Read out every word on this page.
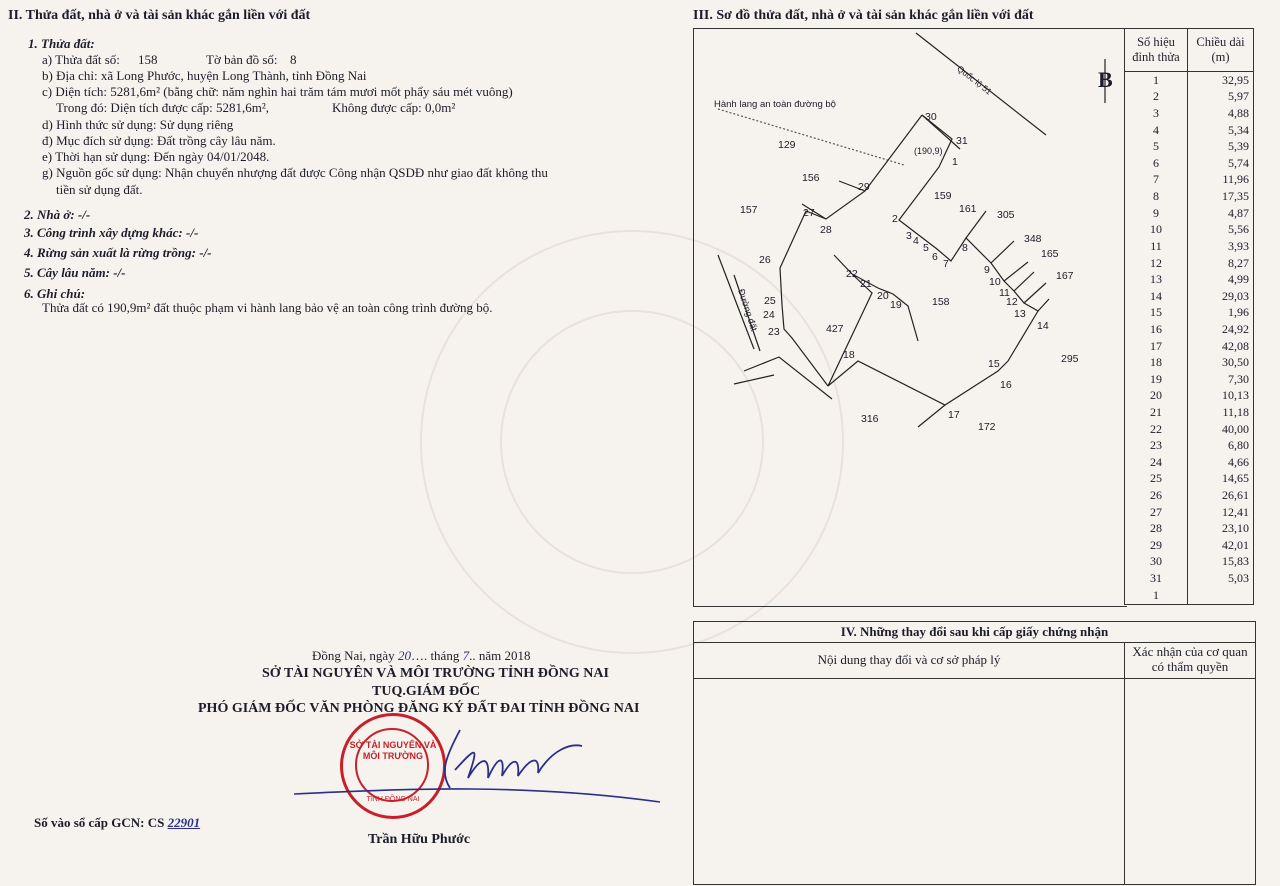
II. Thửa đất, nhà ở và tài sản khác gắn liền với đất
1. Thửa đất:
a) Thửa đất số: 158	Tờ bản đồ số: 8
b) Địa chỉ: xã Long Phước, huyện Long Thành, tỉnh Đồng Nai
c) Diện tích: 5281,6m² (bằng chữ: năm nghìn hai trăm tám mươi mốt phẩy sáu mét vuông)
Trong đó: Diện tích được cấp: 5281,6m²,	Không được cấp: 0,0m²
d) Hình thức sử dụng: Sử dụng riêng
đ) Mục đích sử dụng: Đất trồng cây lâu năm.
e) Thời hạn sử dụng: Đến ngày 04/01/2048.
g) Nguồn gốc sử dụng: Nhận chuyển nhượng đất được Công nhận QSDĐ như giao đất không thu
tiền sử dụng đất.
2. Nhà ở: -/-
3. Công trình xây dựng khác: -/-
4. Rừng sản xuất là rừng trồng: -/-
5. Cây lâu năm: -/-
6. Ghi chú:
Thửa đất có 190,9m² đất thuộc phạm vi hành lang bảo vệ an toàn công trình đường bộ.
Đồng Nai, ngày 20…. tháng 7.. năm 2018
SỞ TÀI NGUYÊN VÀ MÔI TRƯỜNG TỈNH ĐỒNG NAI
TUQ.GIÁM ĐỐC
PHÓ GIÁM ĐỐC VĂN PHÒNG ĐĂNG KÝ ĐẤT ĐAI TỈNH ĐỒNG NAI
SỞ TÀI NGUYÊN VÀ MÔI TRƯỜNG
TỈNH ĐỒNG NAI
Số vào sổ cấp GCN: CS 22901
Trần Hữu Phước
III. Sơ đồ thửa đất, nhà ở và tài sản khác gắn liền với đất
B
Quốc lộ 51
Hành lang an toàn đường bộ
(190,9)
Đường đất
129
156
157
159
161 305
348
165
167
158
427
295
316
172
1
2
3 4
5
6
7
8
9
10
11
12
13
14
15
16
17
18
19
20
21
22
23
24
25
26
27
28
29
30
31
Số hiệu đỉnh thửa	Chiều dài (m)
1	32,95
2	5,97
3	4,88
4	5,34
5	5,39
6	5,74
7	11,96
8	17,35
9	4,87
10	5,56
11	3,93
12	8,27
13	4,99
14	29,03
15	1,96
16	24,92
17	42,08
18	30,50
19	7,30
20	10,13
21	11,18
22	40,00
23	6,80
24	4,66
25	14,65
26	26,61
27	12,41
28	23,10
29	42,01
30	15,83
31	5,03
1	
IV. Những thay đổi sau khi cấp giấy chứng nhận
Nội dung thay đổi và cơ sở pháp lý
Xác nhận của cơ quan có thẩm quyền
